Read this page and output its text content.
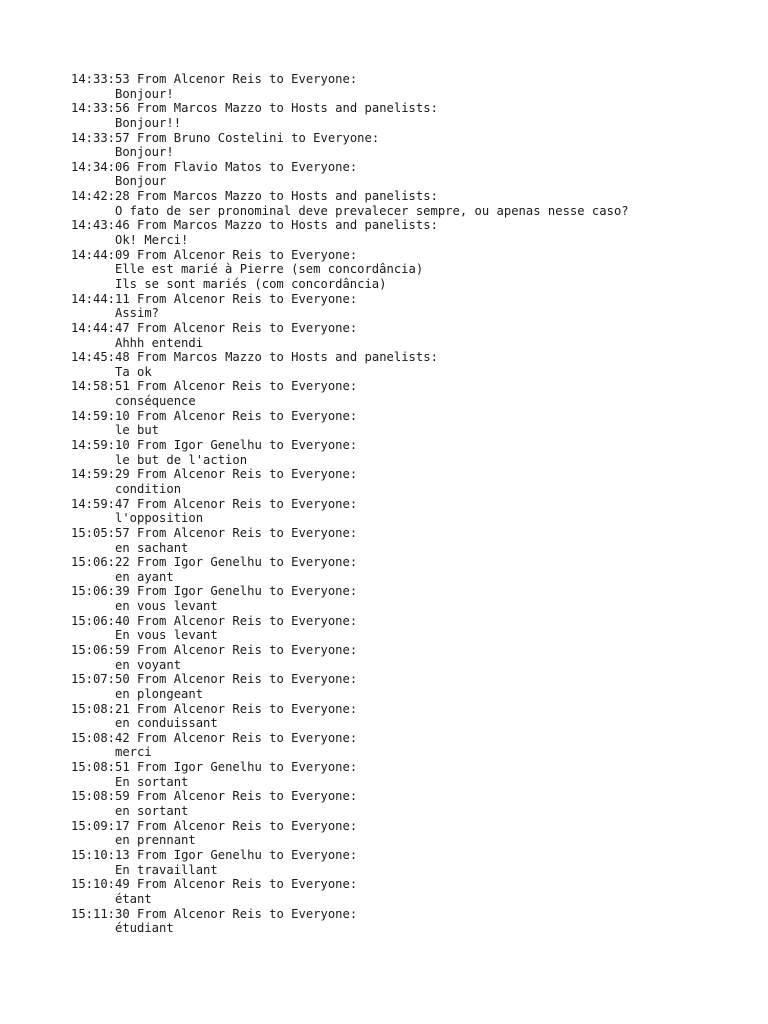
14:33:53 From Alcenor Reis to Everyone:
Bonjour!
14:33:56 From Marcos Mazzo to Hosts and panelists:
Bonjour!!
14:33:57 From Bruno Costelini to Everyone:
Bonjour!
14:34:06 From Flavio Matos to Everyone:
Bonjour
14:42:28 From Marcos Mazzo to Hosts and panelists:
O fato de ser pronominal deve prevalecer sempre, ou apenas nesse caso?
14:43:46 From Marcos Mazzo to Hosts and panelists:
Ok! Merci!
14:44:09 From Alcenor Reis to Everyone:
Elle est marié à Pierre (sem concordância)
Ils se sont mariés (com concordância)
14:44:11 From Alcenor Reis to Everyone:
Assim?
14:44:47 From Alcenor Reis to Everyone:
Ahhh entendi
14:45:48 From Marcos Mazzo to Hosts and panelists:
Ta ok
14:58:51 From Alcenor Reis to Everyone:
conséquence
14:59:10 From Alcenor Reis to Everyone:
le but
14:59:10 From Igor Genelhu to Everyone:
le but de l'action
14:59:29 From Alcenor Reis to Everyone:
condition
14:59:47 From Alcenor Reis to Everyone:
l'opposition
15:05:57 From Alcenor Reis to Everyone:
en sachant
15:06:22 From Igor Genelhu to Everyone:
en ayant
15:06:39 From Igor Genelhu to Everyone:
en vous levant
15:06:40 From Alcenor Reis to Everyone:
En vous levant
15:06:59 From Alcenor Reis to Everyone:
en voyant
15:07:50 From Alcenor Reis to Everyone:
en plongeant
15:08:21 From Alcenor Reis to Everyone:
en conduissant
15:08:42 From Alcenor Reis to Everyone:
merci
15:08:51 From Igor Genelhu to Everyone:
En sortant
15:08:59 From Alcenor Reis to Everyone:
en sortant
15:09:17 From Alcenor Reis to Everyone:
en prennant
15:10:13 From Igor Genelhu to Everyone:
En travaillant
15:10:49 From Alcenor Reis to Everyone:
étant
15:11:30 From Alcenor Reis to Everyone:
étudiant
